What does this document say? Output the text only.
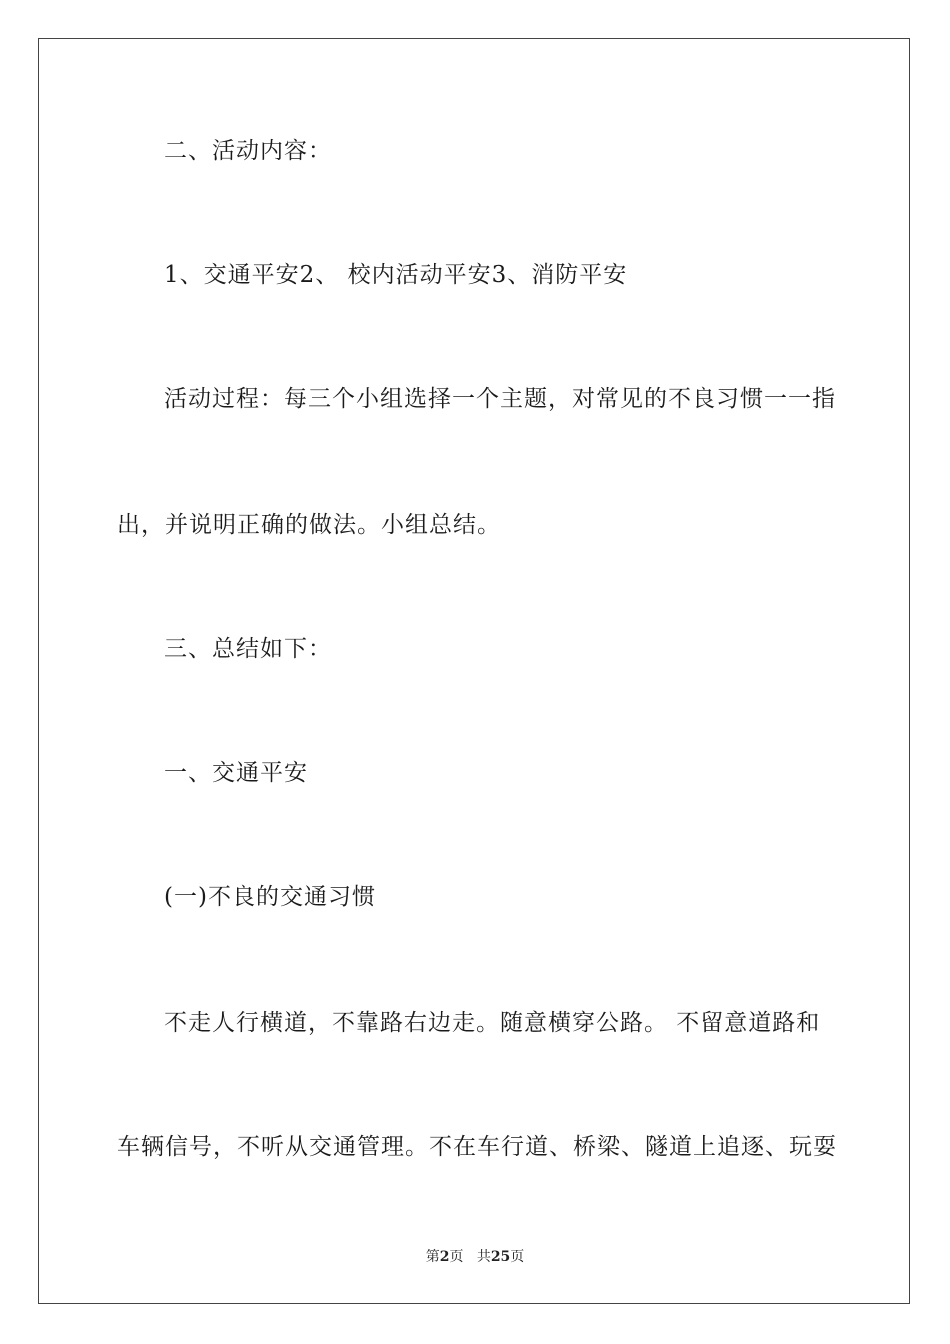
二、活动内容：
1、交通平安2、 校内活动平安3、消防平安
活动过程：每三个小组选择一个主题，对常见的不良习惯一一指
出，并说明正确的做法。小组总结。
三、总结如下：
一、交通平安
(一)不良的交通习惯
不走人行横道，不靠路右边走。随意横穿公路。 不留意道路和
车辆信号，不听从交通管理。不在车行道、桥梁、隧道上追逐、玩耍
第2页 共25页
